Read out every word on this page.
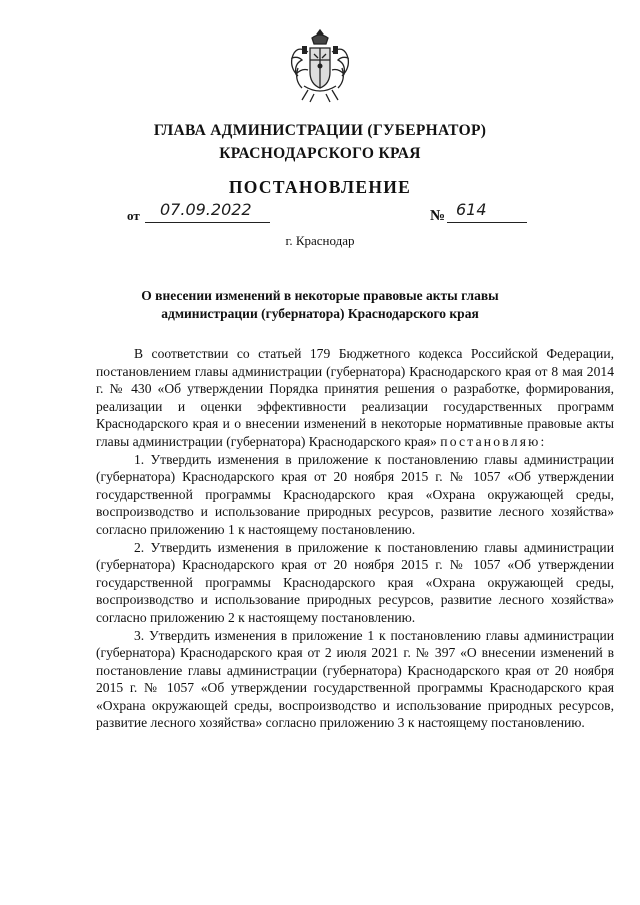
ГЛАВА АДМИНИСТРАЦИИ (ГУБЕРНАТОР)
КРАСНОДАРСКОГО КРАЯ
ПОСТАНОВЛЕНИЕ
от 07.09.2022	№ 614
г. Краснодар
О внесении изменений в некоторые правовые акты главы
администрации (губернатора) Краснодарского края

В соответствии со статьей 179 Бюджетного кодекса Российской Федерации, постановлением главы администрации (губернатора) Краснодарского края от 8 мая 2014 г. № 430 «Об утверждении Порядка принятия решения о разработке, формирования, реализации и оценки эффективности реализации государственных программ Краснодарского края и о внесении изменений в некоторые нормативные правовые акты главы администрации (губернатора) Краснодарского края» постановляю:

1. Утвердить изменения в приложение к постановлению главы администрации (губернатора) Краснодарского края от 20 ноября 2015 г. № 1057 «Об утверждении государственной программы Краснодарского края «Охрана окружающей среды, воспроизводство и использование природных ресурсов, развитие лесного хозяйства» согласно приложению 1 к настоящему постановлению.

2. Утвердить изменения в приложение к постановлению главы администрации (губернатора) Краснодарского края от 20 ноября 2015 г. № 1057 «Об утверждении государственной программы Краснодарского края «Охрана окружающей среды, воспроизводство и использование природных ресурсов, развитие лесного хозяйства» согласно приложению 2 к настоящему постановлению.

3. Утвердить изменения в приложение 1 к постановлению главы администрации (губернатора) Краснодарского края от 2 июля 2021 г. № 397 «О внесении изменений в постановление главы администрации (губернатора) Краснодарского края от 20 ноября 2015 г. № 1057 «Об утверждении государственной программы Краснодарского края «Охрана окружающей среды, воспроизводство и использование природных ресурсов, развитие лесного хозяйства» согласно приложению 3 к настоящему постановлению.
